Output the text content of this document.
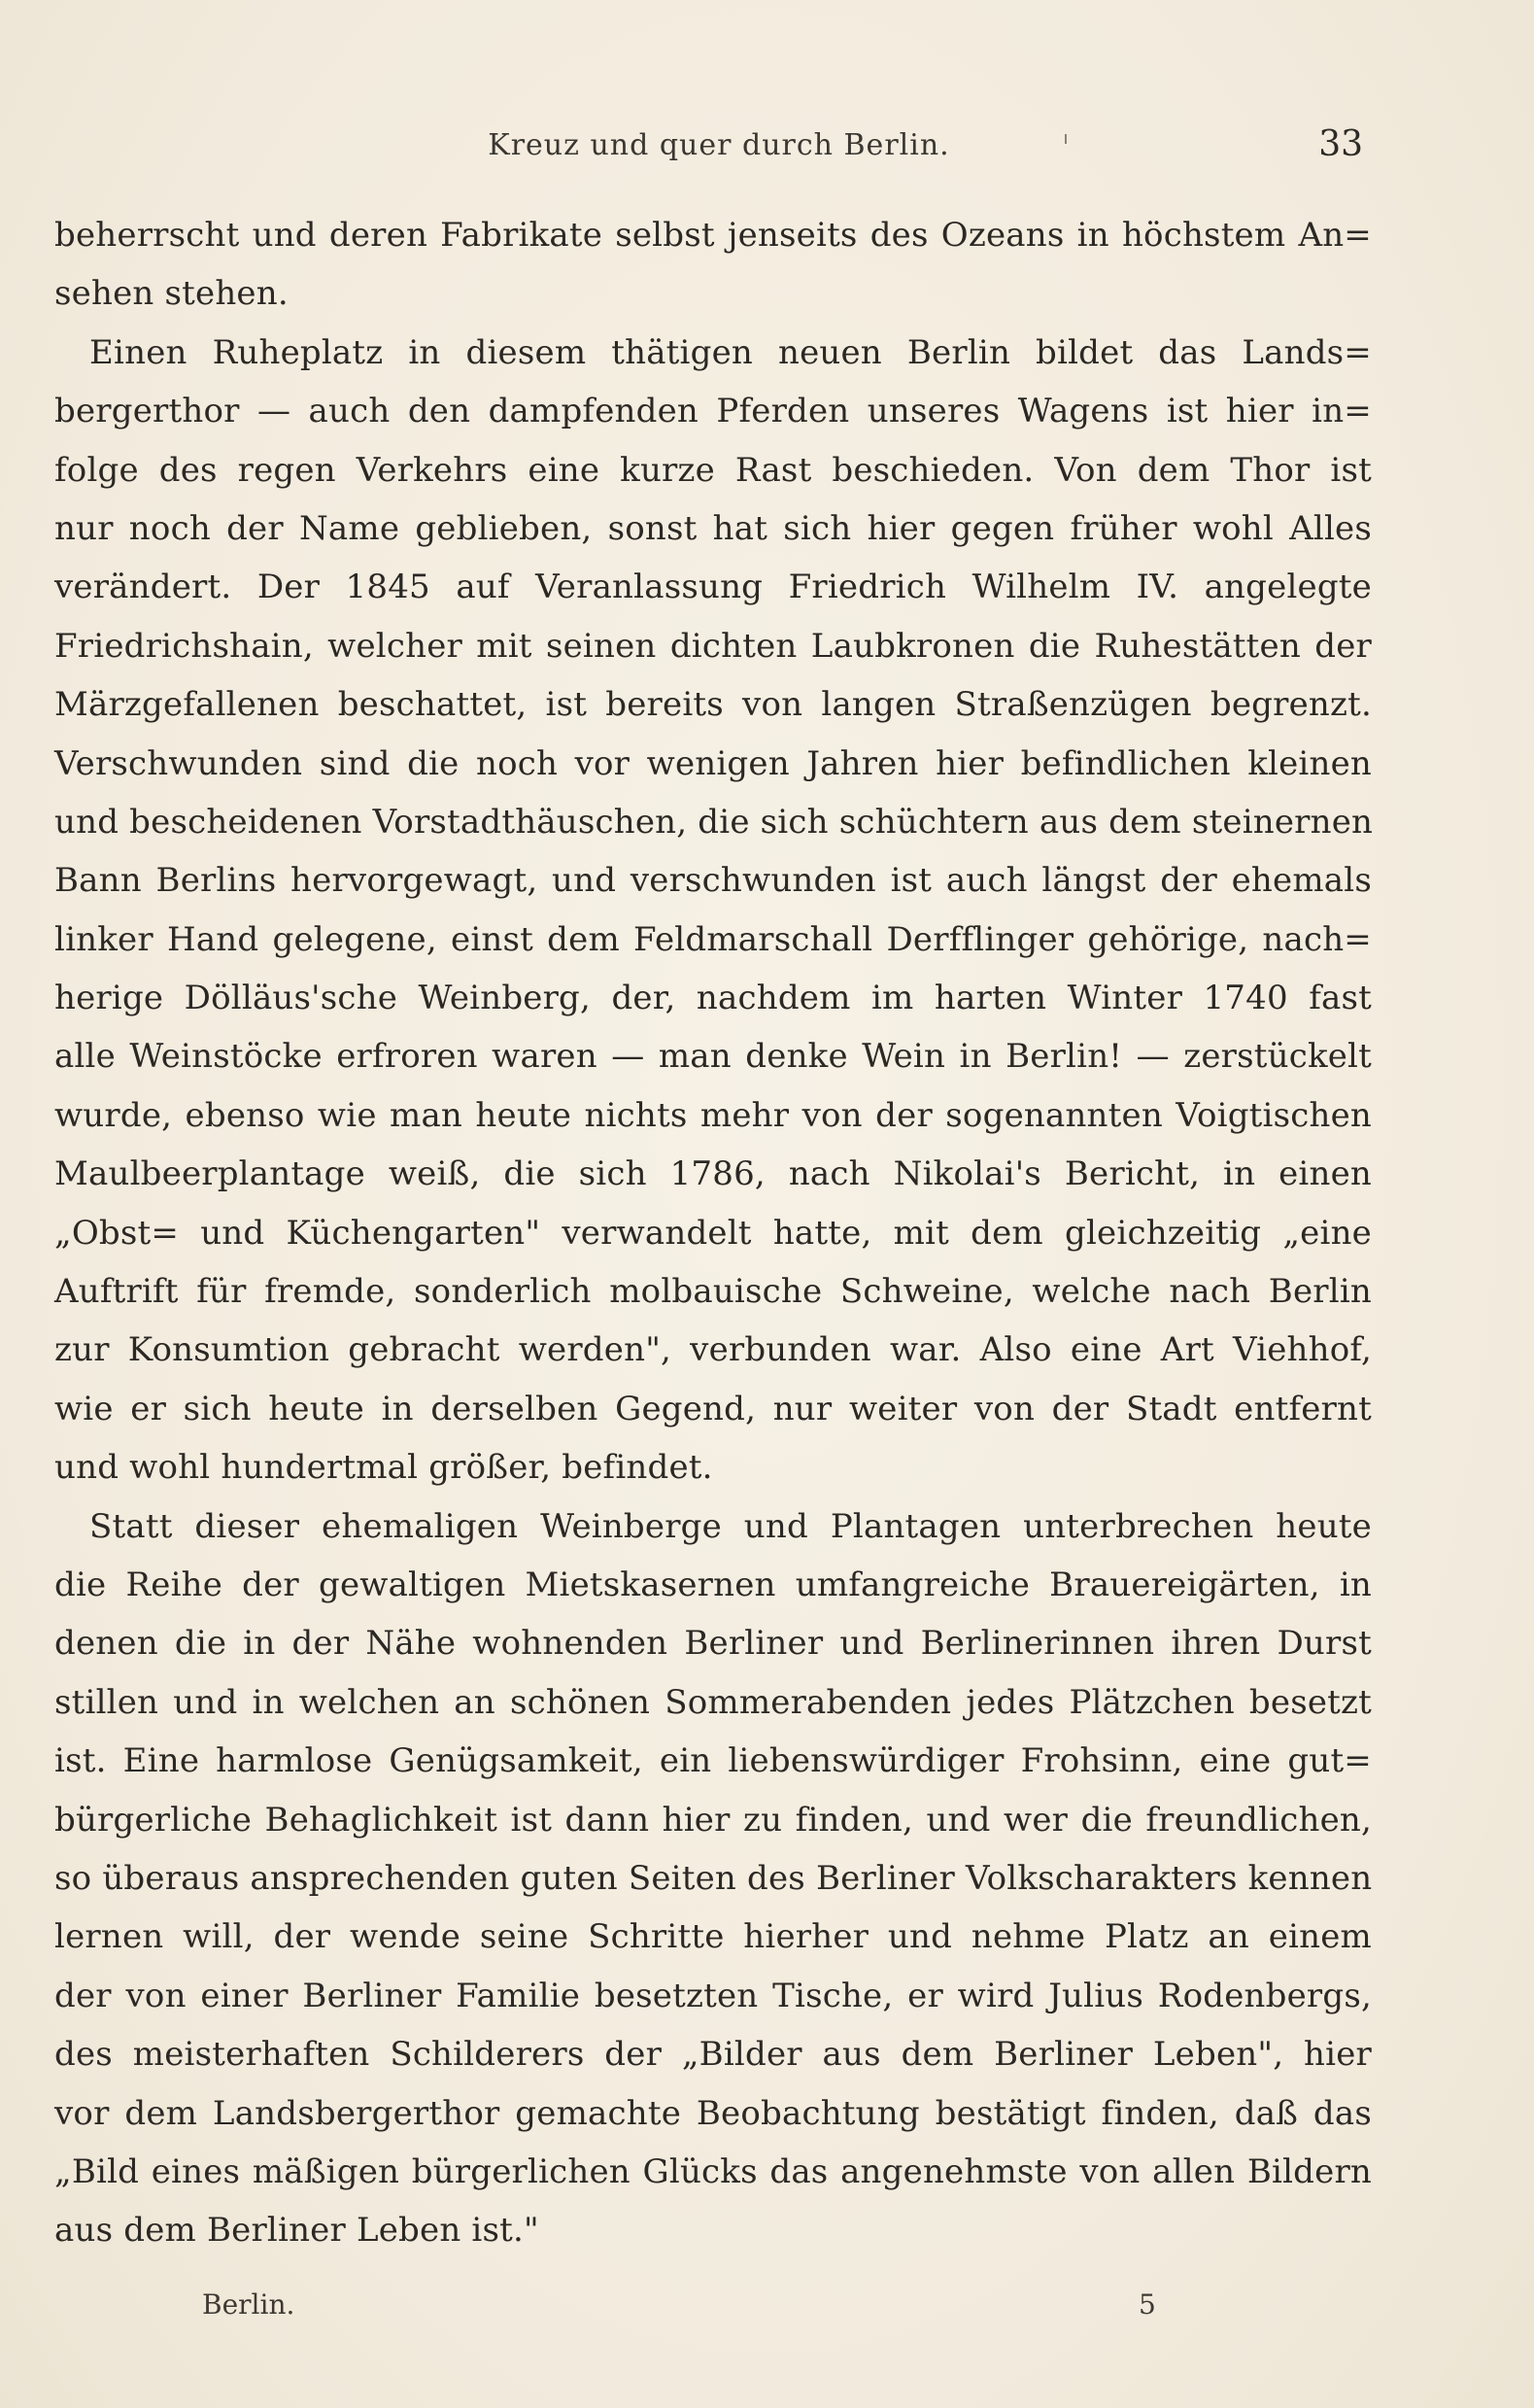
Kreuz und quer durch Berlin.	33
beherrscht und deren Fabrikate selbst jenseits des Ozeans in höchstem An=
sehen stehen.
Einen Ruheplatz in diesem thätigen neuen Berlin bildet das Lands=
bergerthor — auch den dampfenden Pferden unseres Wagens ist hier in=
folge des regen Verkehrs eine kurze Rast beschieden. Von dem Thor ist
nur noch der Name geblieben, sonst hat sich hier gegen früher wohl Alles
verändert. Der 1845 auf Veranlassung Friedrich Wilhelm IV. angelegte
Friedrichshain, welcher mit seinen dichten Laubkronen die Ruhestätten der
Märzgefallenen beschattet, ist bereits von langen Straßenzügen begrenzt.
Verschwunden sind die noch vor wenigen Jahren hier befindlichen kleinen
und bescheidenen Vorstadthäuschen, die sich schüchtern aus dem steinernen
Bann Berlins hervorgewagt, und verschwunden ist auch längst der ehemals
linker Hand gelegene, einst dem Feldmarschall Derfflinger gehörige, nach=
herige Dölläus'sche Weinberg, der, nachdem im harten Winter 1740 fast
alle Weinstöcke erfroren waren — man denke Wein in Berlin! — zerstückelt
wurde, ebenso wie man heute nichts mehr von der sogenannten Voigtischen
Maulbeerplantage weiß, die sich 1786, nach Nikolai's Bericht, in einen
„Obst= und Küchengarten" verwandelt hatte, mit dem gleichzeitig „eine
Auftrift für fremde, sonderlich molbauische Schweine, welche nach Berlin
zur Konsumtion gebracht werden", verbunden war. Also eine Art Viehhof,
wie er sich heute in derselben Gegend, nur weiter von der Stadt entfernt
und wohl hundertmal größer, befindet.
Statt dieser ehemaligen Weinberge und Plantagen unterbrechen heute
die Reihe der gewaltigen Mietskasernen umfangreiche Brauereigärten, in
denen die in der Nähe wohnenden Berliner und Berlinerinnen ihren Durst
stillen und in welchen an schönen Sommerabenden jedes Plätzchen besetzt
ist. Eine harmlose Genügsamkeit, ein liebenswürdiger Frohsinn, eine gut=
bürgerliche Behaglichkeit ist dann hier zu finden, und wer die freundlichen,
so überaus ansprechenden guten Seiten des Berliner Volkscharakters kennen
lernen will, der wende seine Schritte hierher und nehme Platz an einem
der von einer Berliner Familie besetzten Tische, er wird Julius Rodenbergs,
des meisterhaften Schilderers der „Bilder aus dem Berliner Leben", hier
vor dem Landsbergerthor gemachte Beobachtung bestätigt finden, daß das
„Bild eines mäßigen bürgerlichen Glücks das angenehmste von allen Bildern
aus dem Berliner Leben ist."
Berlin.	5
